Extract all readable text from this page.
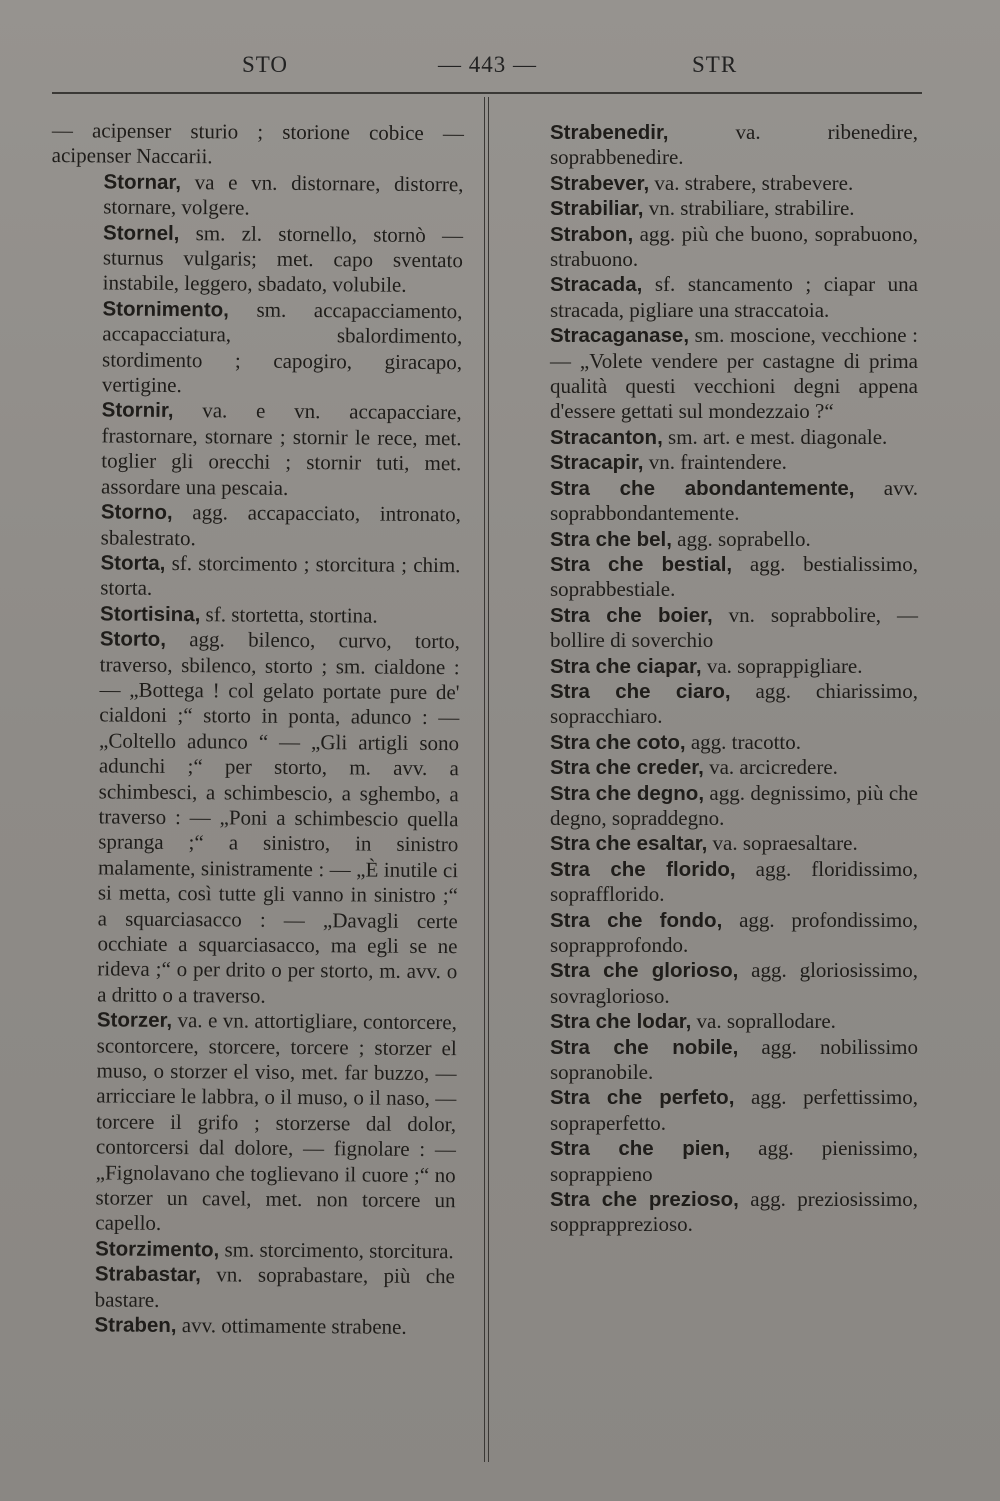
STO	— 443 —	STR

— acipenser sturio ; storione cobice — acipenser Naccarii.

Stornar, va e vn. distornare, distorre, stornare, volgere.

Stornel, sm. zl. stornello, stornò — sturnus vulgaris; met. capo sventato instabile, leggero, sbadato, volubile.

Stornimento, sm. accapacciamento, accapacciatura, sbalordimento, stordimento ; capogiro, giracapo, vertigine.

Stornir, va. e vn. accapacciare, frastornare, stornare ; stornir le rece, met. toglier gli orecchi ; stornir tuti, met. assordare una pescaia.

Storno, agg. accapacciato, intronato, sbalestrato.

Storta, sf. storcimento ; storcitura ; chim. storta.

Stortisina, sf. stortetta, stortina.

Storto, agg. bilenco, curvo, torto, traverso, sbilenco, storto ; sm. cialdone : — „Bottega ! col gelato portate pure de' cialdoni ;“ storto in ponta, adunco : — „Coltello adunco “ — „Gli artigli sono adunchi ;“ per storto, m. avv. a schimbesci, a schimbescio, a sghembo, a traverso : — „Poni a schimbescio quella spranga ;“ a sinistro, in sinistro malamente, sinistramente : — „È inutile ci si metta, così tutte gli vanno in sinistro ;“ a squarciasacco : — „Davagli certe occhiate a squarciasacco, ma egli se ne rideva ;“ o per drito o per storto, m. avv. o a dritto o a traverso.

Storzer, va. e vn. attortigliare, contorcere, scontorcere, storcere, torcere ; storzer el muso, o storzer el viso, met. far buzzo, — arricciare le labbra, o il muso, o il naso, — torcere il grifo ; storzerse dal dolor, contorcersi dal dolore, — fignolare : — „Fignolavano che toglievano il cuore ;“ no storzer un cavel, met. non torcere un capello.

Storzimento, sm. storcimento, storcitura.

Strabastar, vn. soprabastare, più che bastare.

Straben, avv. ottimamente strabene.

Strabenedir, va. ribenedire, soprabbenedire.

Strabever, va. strabere, strabevere.

Strabiliar, vn. strabiliare, strabilire.

Strabon, agg. più che buono, soprabuono, strabuono.

Stracada, sf. stancamento ; ciapar una stracada, pigliare una straccatoia.

Stracaganase, sm. moscione, vecchione : — „Volete vendere per castagne di prima qualità questi vecchioni degni appena d'essere gettati sul mondezzaio ?“

Stracanton, sm. art. e mest. diagonale.

Stracapir, vn. fraintendere.

Stra che abondantemente, avv. soprabbondantemente.

Stra che bel, agg. soprabello.

Stra che bestial, agg. bestialissimo, soprabbestiale.

Stra che boier, vn. soprabbolire, — bollire di soverchio

Stra che ciapar, va. soprappigliare.

Stra che ciaro, agg. chiarissimo, sopracchiaro.

Stra che coto, agg. tracotto.

Stra che creder, va. arcicredere.

Stra che degno, agg. degnissimo, più che degno, sopraddegno.

Stra che esaltar, va. sopraesaltare.

Stra che florido, agg. floridissimo, soprafflorido.

Stra che fondo, agg. profondissimo, soprapprofondo.

Stra che glorioso, agg. gloriosissimo, sovraglorioso.

Stra che lodar, va. soprallodare.

Stra che nobile, agg. nobilissimo sopranobile.

Stra che perfeto, agg. perfettissimo, sopraperfetto.

Stra che pien, agg. pienissimo, soprappieno

Stra che prezioso, agg. preziosissimo, sopprapprezioso.
